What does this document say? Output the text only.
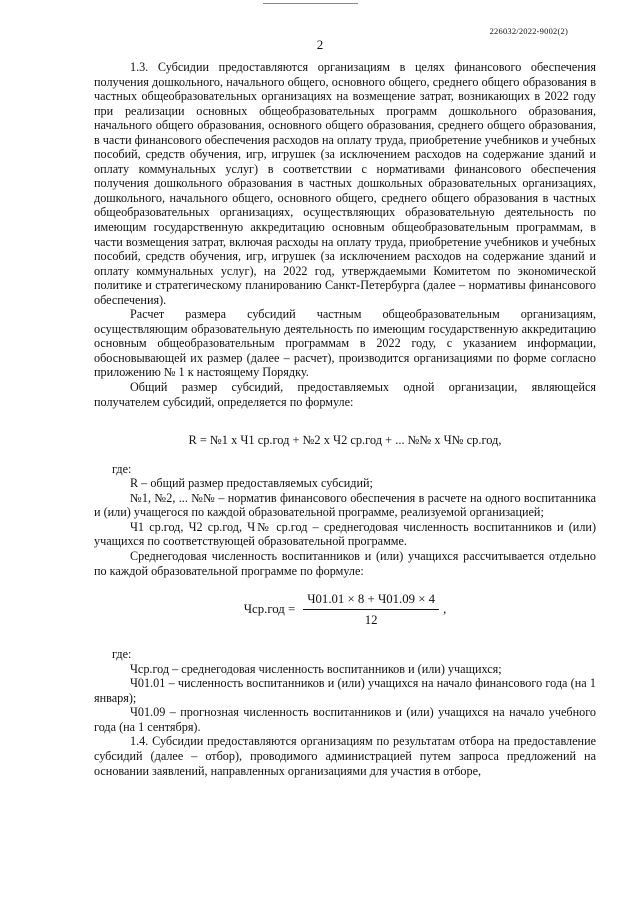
226032/2022-9002(2)
2

1.3. Субсидии предоставляются организациям в целях финансового обеспечения получения дошкольного, начального общего, основного общего, среднего общего образования в частных общеобразовательных организациях на возмещение затрат, возникающих в 2022 году при реализации основных общеобразовательных программ дошкольного образования, начального общего образования, основного общего образования, среднего общего образования, в части финансового обеспечения расходов на оплату труда, приобретение учебников и учебных пособий, средств обучения, игр, игрушек (за исключением расходов на содержание зданий и оплату коммунальных услуг) в соответствии с нормативами финансового обеспечения получения дошкольного образования в частных дошкольных образовательных организациях, дошкольного, начального общего, основного общего, среднего общего образования в частных общеобразовательных организациях, осуществляющих образовательную деятельность по имеющим государственную аккредитацию основным общеобразовательным программам, в части возмещения затрат, включая расходы на оплату труда, приобретение учебников и учебных пособий, средств обучения, игр, игрушек (за исключением расходов на содержание зданий и оплату коммунальных услуг), на 2022 год, утверждаемыми Комитетом по экономической политике и стратегическому планированию Санкт-Петербурга (далее – нормативы финансового обеспечения).

Расчет размера субсидий частным общеобразовательным организациям, осуществляющим образовательную деятельность по имеющим государственную аккредитацию основным общеобразовательным программам в 2022 году, с указанием информации, обосновывающей их размер (далее – расчет), производится организациями по форме согласно приложению № 1 к настоящему Порядку.

Общий размер субсидий, предоставляемых одной организации, являющейся получателем субсидий, определяется по формуле:

R = №1 x Ч1 ср.год + №2 x Ч2 ср.год + ... №№ x Ч№ ср.год,

где:

R – общий размер предоставляемых субсидий;

№1, №2, ... №№ – норматив финансового обеспечения в расчете на одного воспитанника и (или) учащегося по каждой образовательной программе, реализуемой организацией;

Ч1 ср.год, Ч2 ср.год, Ч№ ср.год – среднегодовая численность воспитанников и (или) учащихся по соответствующей образовательной программе.

Среднегодовая численность воспитанников и (или) учащихся рассчитывается отдельно по каждой образовательной программе по формуле:

$Чср.год = \frac{Ч01.01 \times 8 + Ч01.09 \times 4}{12}$ ,

где:

Чср.год – среднегодовая численность воспитанников и (или) учащихся;

Ч01.01 – численность воспитанников и (или) учащихся на начало финансового года (на 1 января);

Ч01.09 – прогнозная численность воспитанников и (или) учащихся на начало учебного года (на 1 сентября).

1.4. Субсидии предоставляются организациям по результатам отбора на предоставление субсидий (далее – отбор), проводимого администрацией путем запроса предложений на основании заявлений, направленных организациями для участия в отборе,
